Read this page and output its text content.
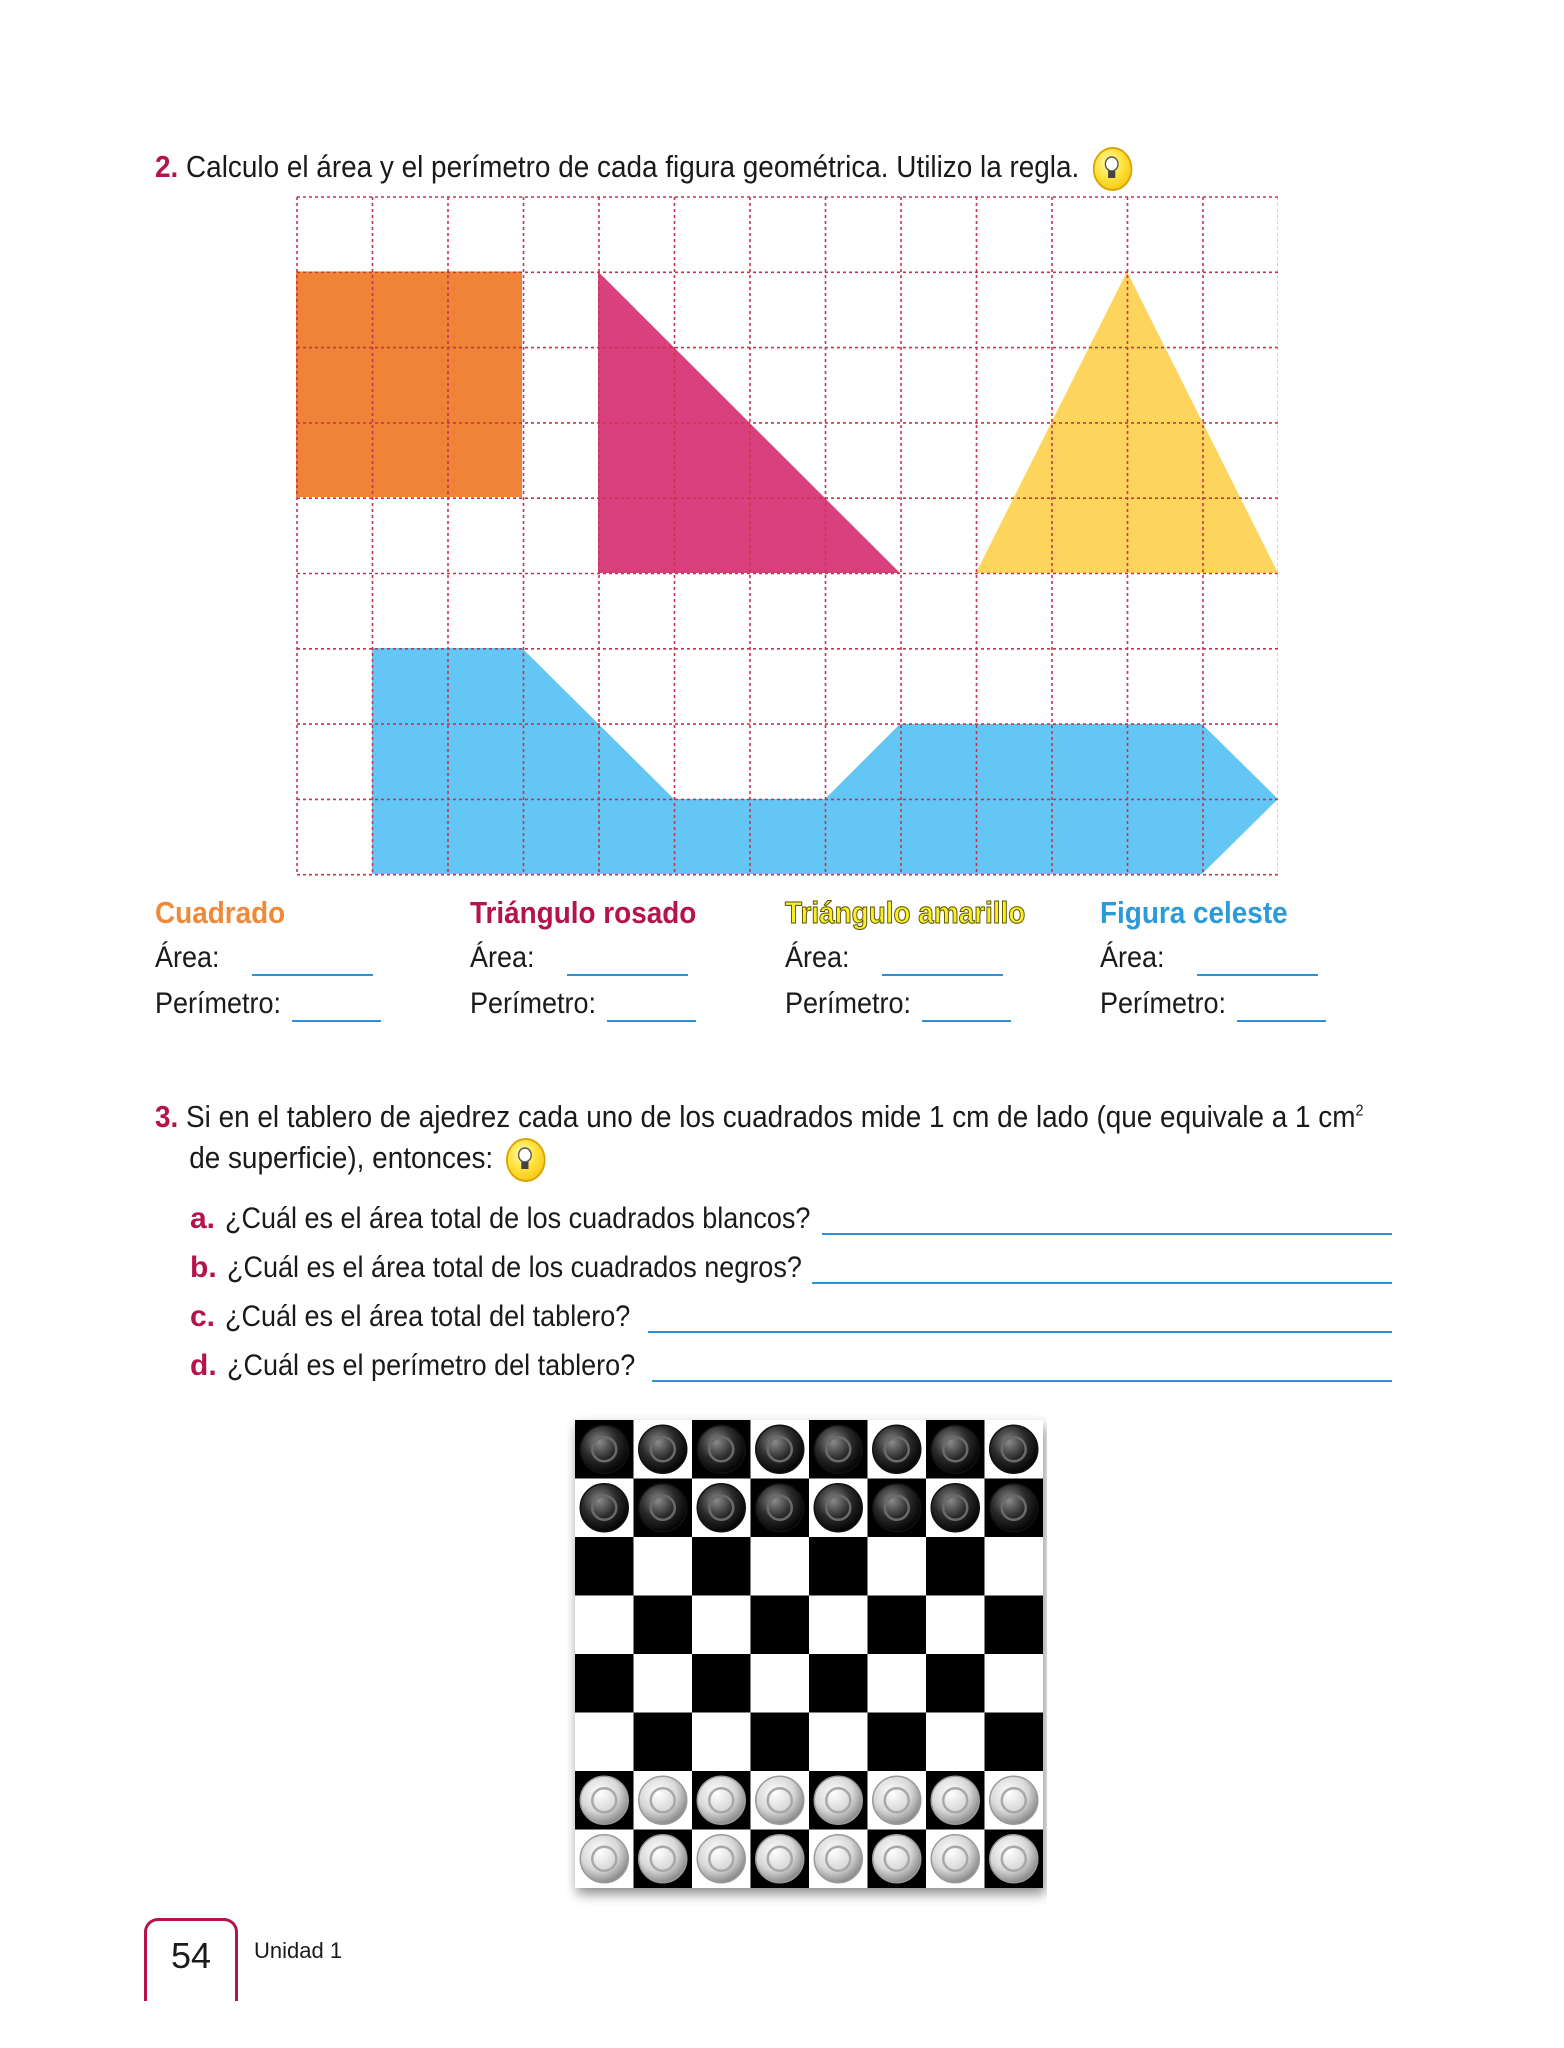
2. Calculo el área y el perímetro de cada figura geométrica. Utilizo la regla.
Cuadrado
Área:
Perímetro:
Triángulo rosado
Área:
Perímetro:
Triángulo amarillo
Área:
Perímetro:
Figura celeste
Área:
Perímetro:
3. Si en el tablero de ajedrez cada uno de los cuadrados mide 1 cm de lado (que equivale a 1 $cm^2$
de superficie), entonces:
a. ¿Cuál es el área total de los cuadrados blancos?
b. ¿Cuál es el área total de los cuadrados negros?
c. ¿Cuál es el área total del tablero?
d. ¿Cuál es el perímetro del tablero?
54	Unidad 1
